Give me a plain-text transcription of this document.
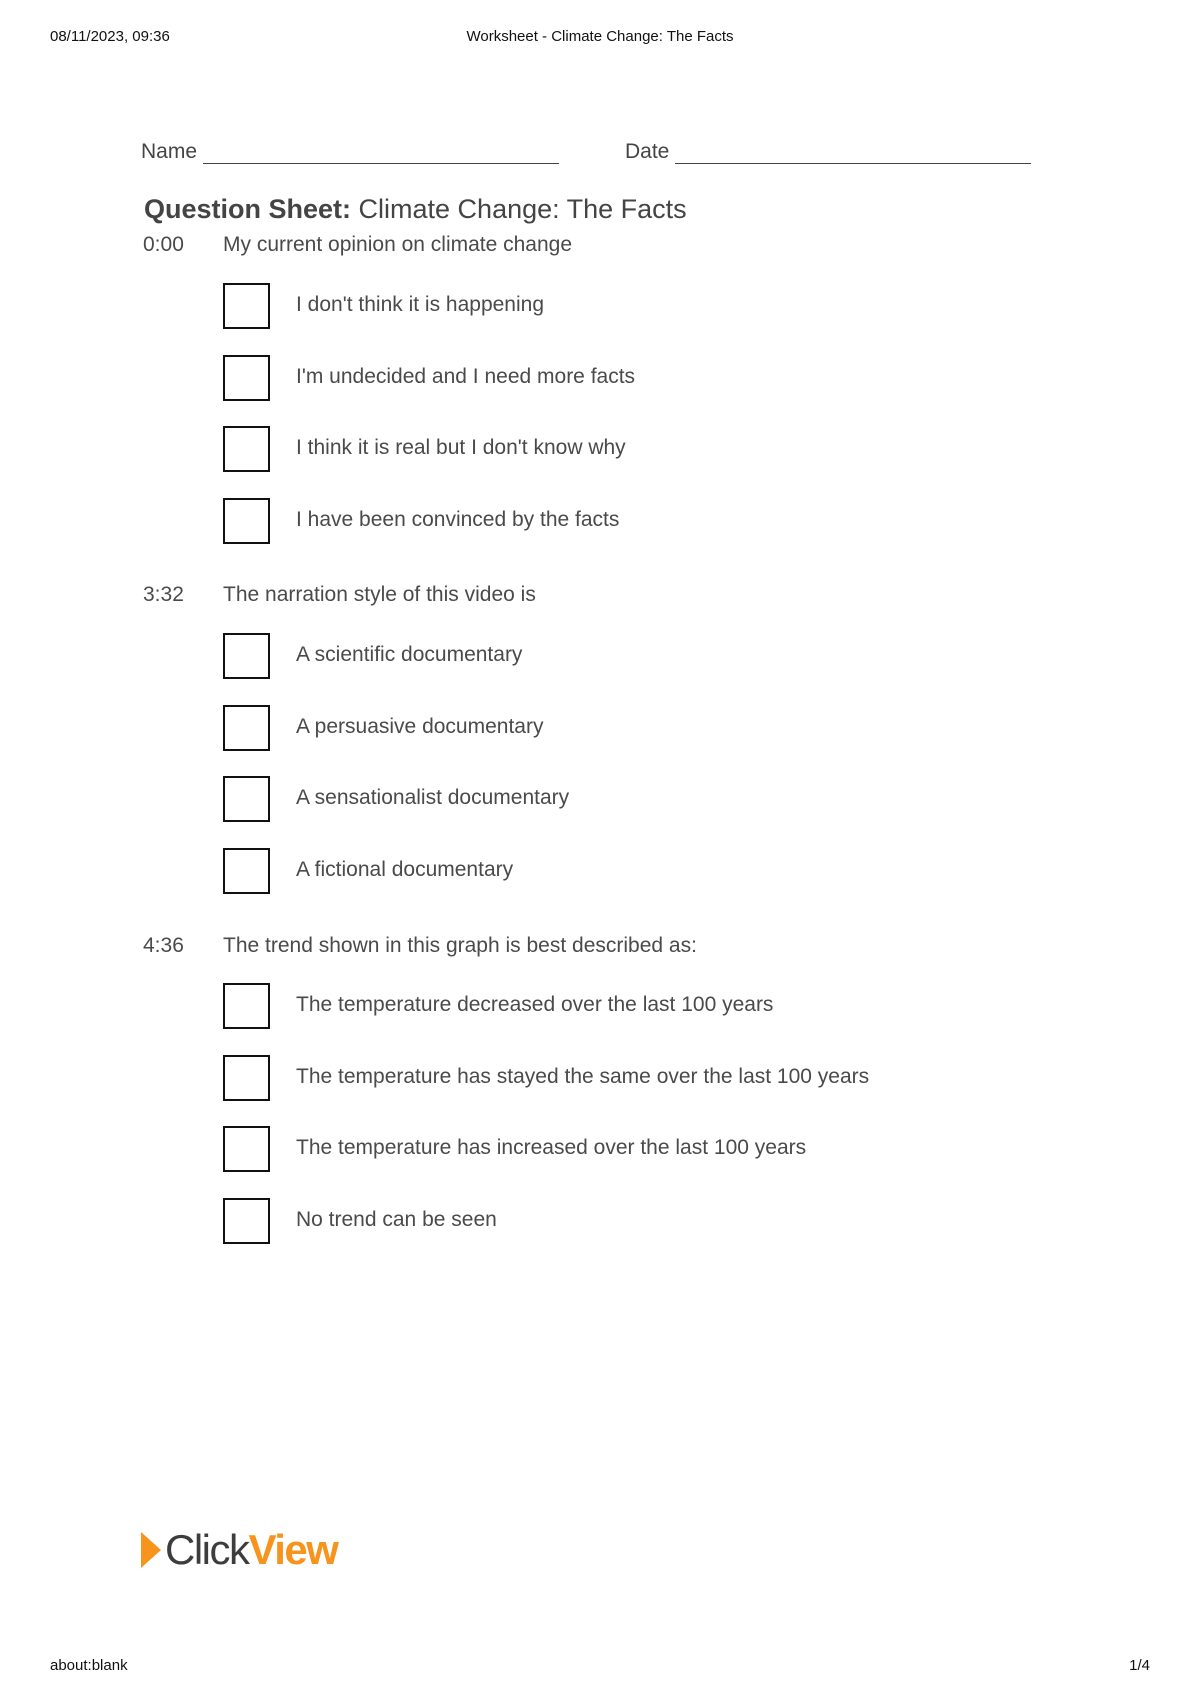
08/11/2023, 09:36	Worksheet - Climate Change: The Facts
Name	Date
Question Sheet: Climate Change: The Facts
0:00 My current opinion on climate change
I don't think it is happening
I'm undecided and I need more facts
I think it is real but I don't know why
I have been convinced by the facts
3:32 The narration style of this video is
A scientific documentary
A persuasive documentary
A sensationalist documentary
A fictional documentary
4:36 The trend shown in this graph is best described as:
The temperature decreased over the last 100 years
The temperature has stayed the same over the last 100 years
The temperature has increased over the last 100 years
No trend can be seen
ClickView
about:blank	1/4
